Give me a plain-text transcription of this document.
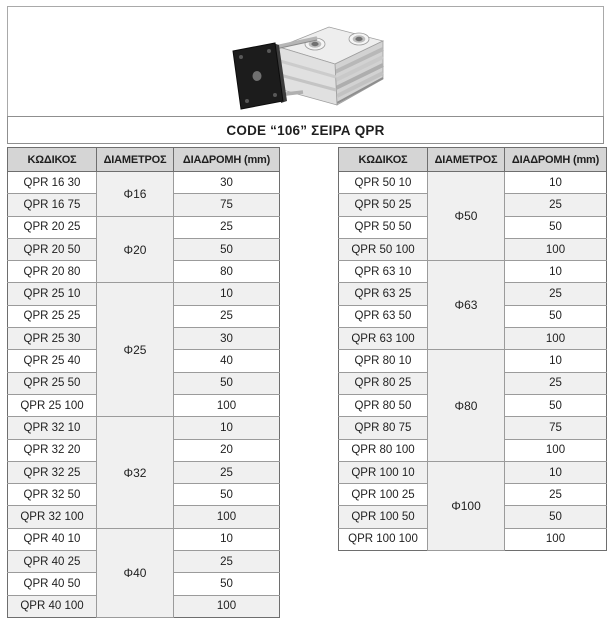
CODE “106” ΣΕΙΡΑ QPR
ΚΩΔΙΚΟΣ	ΔΙΑΜΕΤΡΟΣ	ΔΙΑΔΡΟΜΗ (mm)
QPR 16 30	Φ16	30
QPR 16 75		75
QPR 20 25	Φ20	25
QPR 20 50		50
QPR 20 80		80
QPR 25 10	Φ25	10
QPR 25 25		25
QPR 25 30		30
QPR 25 40		40
QPR 25 50		50
QPR 25 100		100
QPR 32 10	Φ32	10
QPR 32 20		20
QPR 32 25		25
QPR 32 50		50
QPR 32 100		100
QPR 40 10	Φ40	10
QPR 40 25		25
QPR 40 50		50
QPR 40 100		100
ΚΩΔΙΚΟΣ	ΔΙΑΜΕΤΡΟΣ	ΔΙΑΔΡΟΜΗ (mm)
QPR 50 10	Φ50	10
QPR 50 25		25
QPR 50 50		50
QPR 50 100		100
QPR 63 10	Φ63	10
QPR 63 25		25
QPR 63 50		50
QPR 63 100		100
QPR 80 10	Φ80	10
QPR 80 25		25
QPR 80 50		50
QPR 80 75		75
QPR 80 100		100
QPR 100 10	Φ100	10
QPR 100 25		25
QPR 100 50		50
QPR 100 100		100
